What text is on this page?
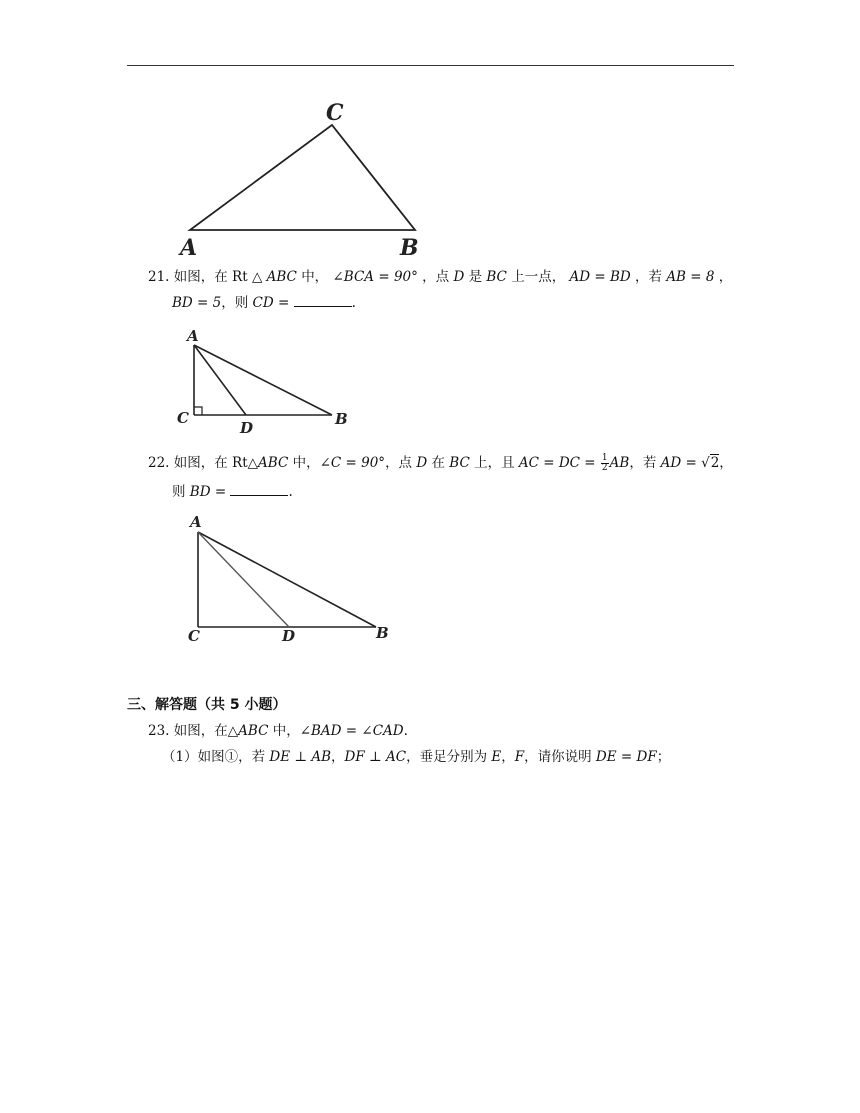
C
A	B
21. 如图，在 Rt △ ABC 中， ∠BCA = 90° ，点 D 是 BC 上一点， AD = BD ，若 AB = 8 ，
BD = 5，则 CD =	.
A
C
D	B
22. 如图，在 Rt△ABC 中，∠C = 90°，点 D 在 BC 上，且 AC = DC = $\frac{1}{2}$ AB，若 AD = √2，
则 BD =	.
A
C	D	B
三、解答题（共 5 小题）
23. 如图，在△ABC 中，∠BAD = ∠CAD.
（1）如图①，若 DE ⊥ AB，DF ⊥ AC，垂足分别为 E，F，请你说明 DE = DF；
